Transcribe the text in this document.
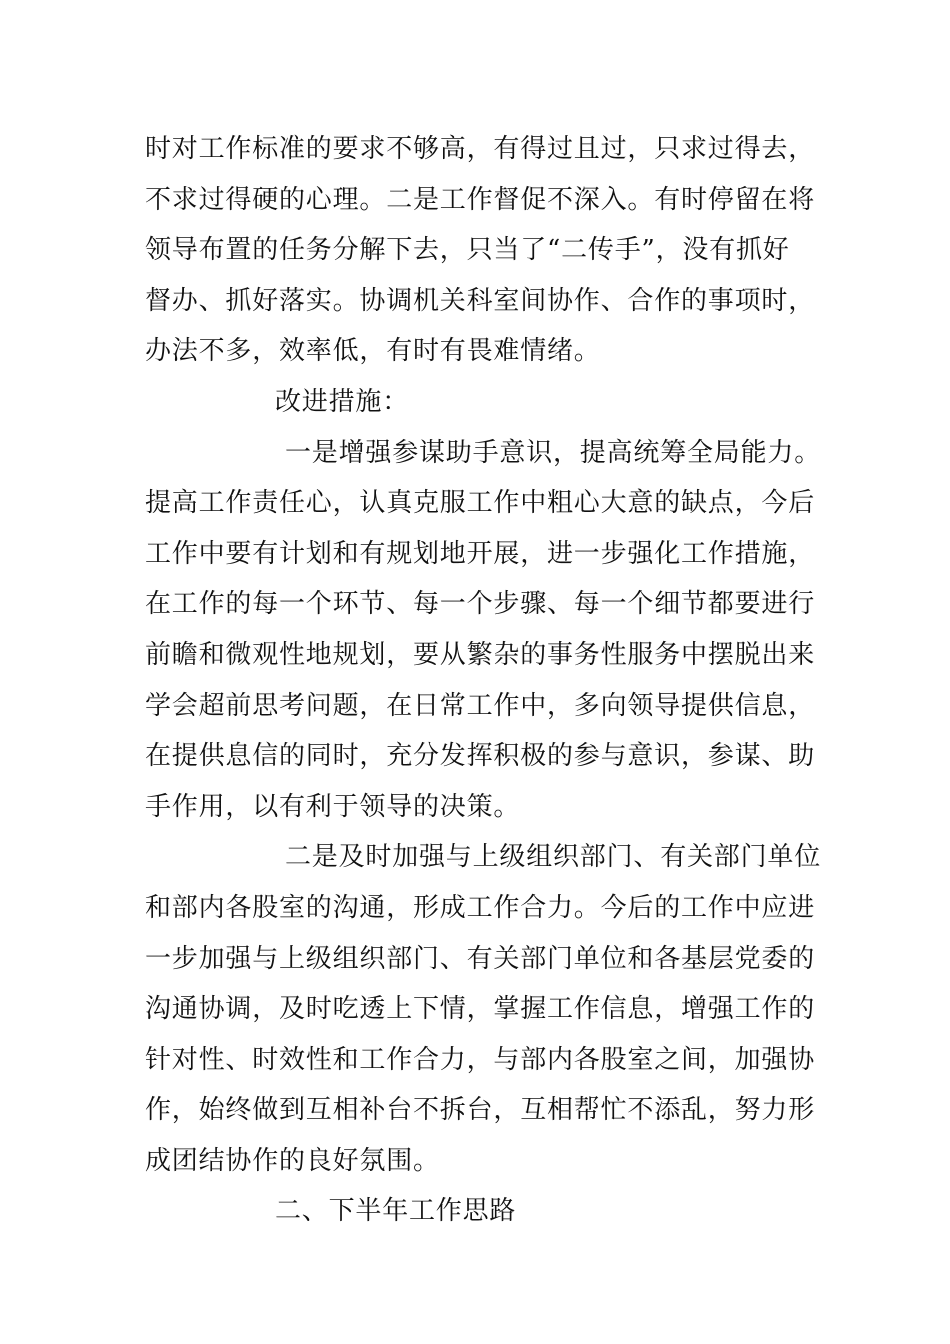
时对工作标准的要求不够高，有得过且过，只求过得去，
不求过得硬的心理。二是工作督促不深入。有时停留在将
领导布置的任务分解下去，只当了“二传手”，没有抓好
督办、抓好落实。协调机关科室间协作、合作的事项时，
办法不多，效率低，有时有畏难情绪。
改进措施：
一是增强参谋助手意识，提高统筹全局能力。
提高工作责任心，认真克服工作中粗心大意的缺点，今后
工作中要有计划和有规划地开展，进一步强化工作措施，
在工作的每一个环节、每一个步骤、每一个细节都要进行
前瞻和微观性地规划，要从繁杂的事务性服务中摆脱出来
学会超前思考问题，在日常工作中，多向领导提供信息，
在提供息信的同时，充分发挥积极的参与意识，参谋、助
手作用，以有利于领导的决策。
二是及时加强与上级组织部门、有关部门单位
和部内各股室的沟通，形成工作合力。今后的工作中应进
一步加强与上级组织部门、有关部门单位和各基层党委的
沟通协调，及时吃透上下情，掌握工作信息，增强工作的
针对性、时效性和工作合力，与部内各股室之间，加强协
作，始终做到互相补台不拆台，互相帮忙不添乱，努力形
成团结协作的良好氛围。
二、下半年工作思路
